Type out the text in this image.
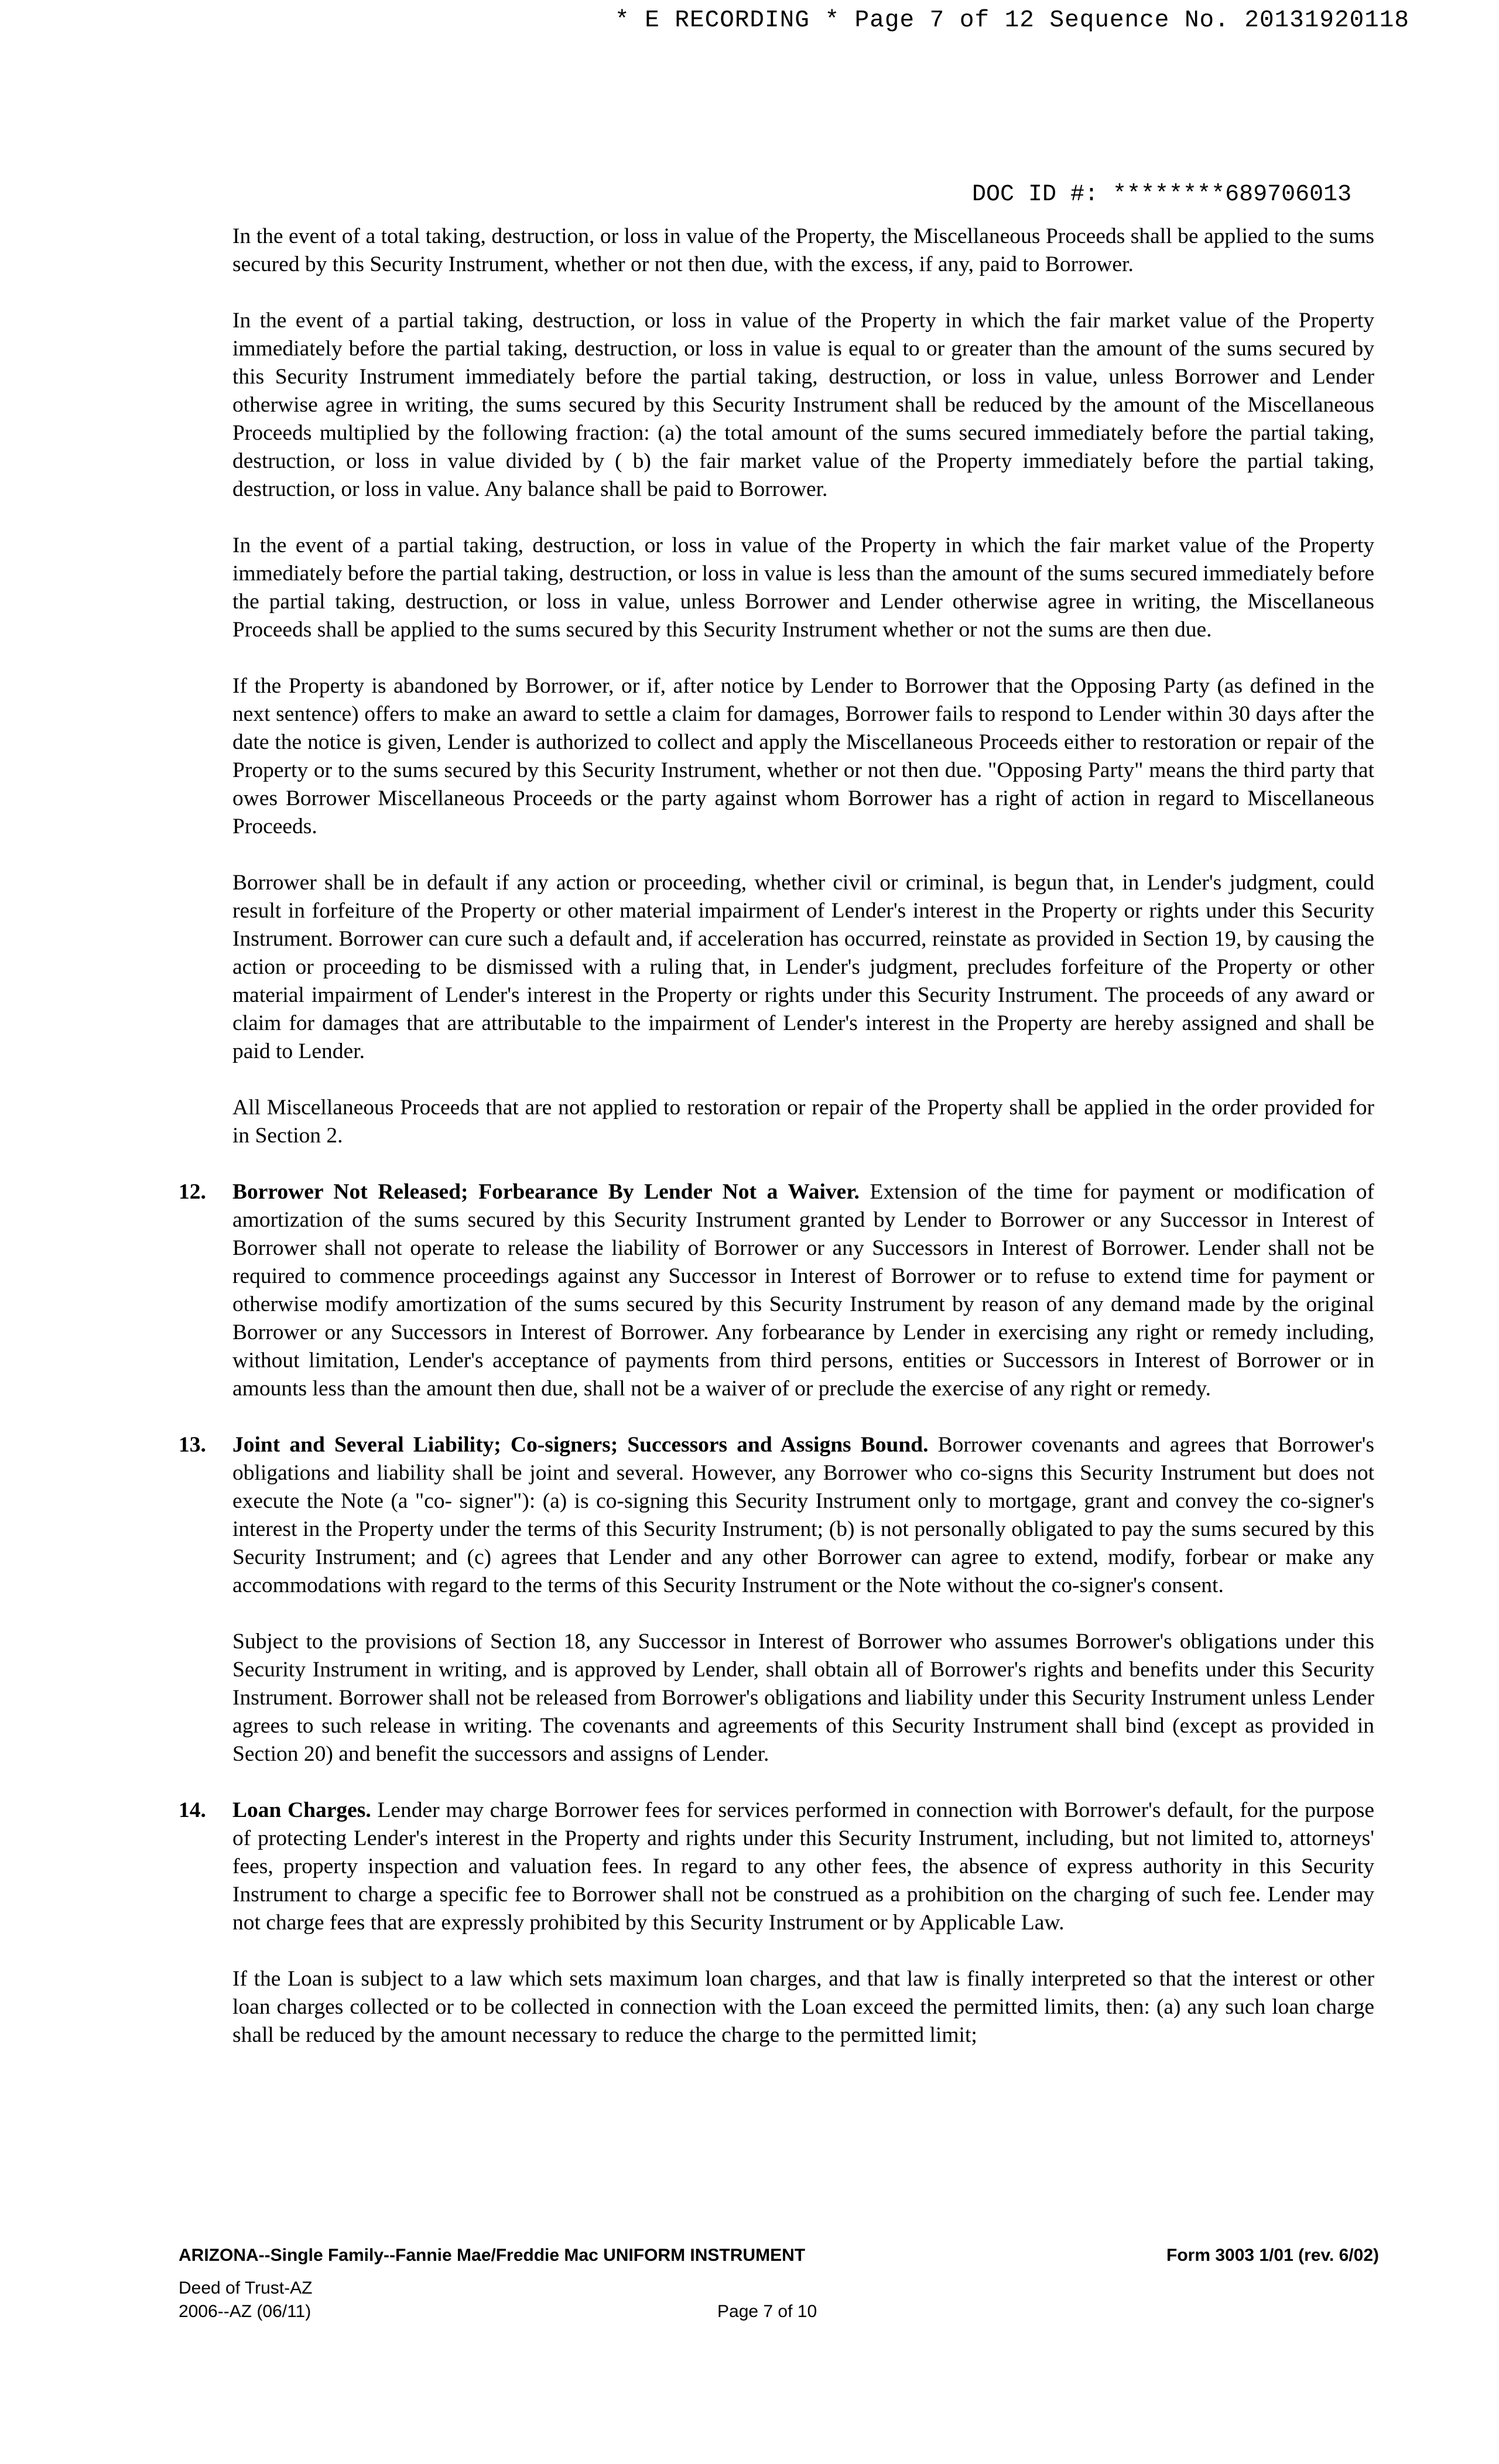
* E RECORDING * Page 7 of 12 Sequence No. 20131920118
DOC ID #: ********689706013

In the event of a total taking, destruction, or loss in value of the Property, the Miscellaneous Proceeds shall be applied to the sums secured by this Security Instrument, whether or not then due, with the excess, if any, paid to Borrower.

In the event of a partial taking, destruction, or loss in value of the Property in which the fair market value of the Property immediately before the partial taking, destruction, or loss in value is equal to or greater than the amount of the sums secured by this Security Instrument immediately before the partial taking, destruction, or loss in value, unless Borrower and Lender otherwise agree in writing, the sums secured by this Security Instrument shall be reduced by the amount of the Miscellaneous Proceeds multiplied by the following fraction: (a) the total amount of the sums secured immediately before the partial taking, destruction, or loss in value divided by ( b) the fair market value of the Property immediately before the partial taking, destruction, or loss in value. Any balance shall be paid to Borrower.

In the event of a partial taking, destruction, or loss in value of the Property in which the fair market value of the Property immediately before the partial taking, destruction, or loss in value is less than the amount of the sums secured immediately before the partial taking, destruction, or loss in value, unless Borrower and Lender otherwise agree in writing, the Miscellaneous Proceeds shall be applied to the sums secured by this Security Instrument whether or not the sums are then due.

If the Property is abandoned by Borrower, or if, after notice by Lender to Borrower that the Opposing Party (as defined in the next sentence) offers to make an award to settle a claim for damages, Borrower fails to respond to Lender within 30 days after the date the notice is given, Lender is authorized to collect and apply the Miscellaneous Proceeds either to restoration or repair of the Property or to the sums secured by this Security Instrument, whether or not then due. "Opposing Party" means the third party that owes Borrower Miscellaneous Proceeds or the party against whom Borrower has a right of action in regard to Miscellaneous Proceeds.

Borrower shall be in default if any action or proceeding, whether civil or criminal, is begun that, in Lender's judgment, could result in forfeiture of the Property or other material impairment of Lender's interest in the Property or rights under this Security Instrument. Borrower can cure such a default and, if acceleration has occurred, reinstate as provided in Section 19, by causing the action or proceeding to be dismissed with a ruling that, in Lender's judgment, precludes forfeiture of the Property or other material impairment of Lender's interest in the Property or rights under this Security Instrument. The proceeds of any award or claim for damages that are attributable to the impairment of Lender's interest in the Property are hereby assigned and shall be paid to Lender.

All Miscellaneous Proceeds that are not applied to restoration or repair of the Property shall be applied in the order provided for in Section 2.

12. Borrower Not Released; Forbearance By Lender Not a Waiver. Extension of the time for payment or modification of amortization of the sums secured by this Security Instrument granted by Lender to Borrower or any Successor in Interest of Borrower shall not operate to release the liability of Borrower or any Successors in Interest of Borrower. Lender shall not be required to commence proceedings against any Successor in Interest of Borrower or to refuse to extend time for payment or otherwise modify amortization of the sums secured by this Security Instrument by reason of any demand made by the original Borrower or any Successors in Interest of Borrower. Any forbearance by Lender in exercising any right or remedy including, without limitation, Lender's acceptance of payments from third persons, entities or Successors in Interest of Borrower or in amounts less than the amount then due, shall not be a waiver of or preclude the exercise of any right or remedy.
13. Joint and Several Liability; Co-signers; Successors and Assigns Bound. Borrower covenants and agrees that Borrower's obligations and liability shall be joint and several. However, any Borrower who co-signs this Security Instrument but does not execute the Note (a "co- signer"): (a) is co-signing this Security Instrument only to mortgage, grant and convey the co-signer's interest in the Property under the terms of this Security Instrument; (b) is not personally obligated to pay the sums secured by this Security Instrument; and (c) agrees that Lender and any other Borrower can agree to extend, modify, forbear or make any accommodations with regard to the terms of this Security Instrument or the Note without the co-signer's consent.

Subject to the provisions of Section 18, any Successor in Interest of Borrower who assumes Borrower's obligations under this Security Instrument in writing, and is approved by Lender, shall obtain all of Borrower's rights and benefits under this Security Instrument. Borrower shall not be released from Borrower's obligations and liability under this Security Instrument unless Lender agrees to such release in writing. The covenants and agreements of this Security Instrument shall bind (except as provided in Section 20) and benefit the successors and assigns of Lender.

14. Loan Charges. Lender may charge Borrower fees for services performed in connection with Borrower's default, for the purpose of protecting Lender's interest in the Property and rights under this Security Instrument, including, but not limited to, attorneys' fees, property inspection and valuation fees. In regard to any other fees, the absence of express authority in this Security Instrument to charge a specific fee to Borrower shall not be construed as a prohibition on the charging of such fee. Lender may not charge fees that are expressly prohibited by this Security Instrument or by Applicable Law.

If the Loan is subject to a law which sets maximum loan charges, and that law is finally interpreted so that the interest or other loan charges collected or to be collected in connection with the Loan exceed the permitted limits, then: (a) any such loan charge shall be reduced by the amount necessary to reduce the charge to the permitted limit;

ARIZONA--Single Family--Fannie Mae/Freddie Mac UNIFORM INSTRUMENT	Form 3003 1/01 (rev. 6/02)
Deed of Trust-AZ
2006--AZ (06/11)	Page 7 of 10
